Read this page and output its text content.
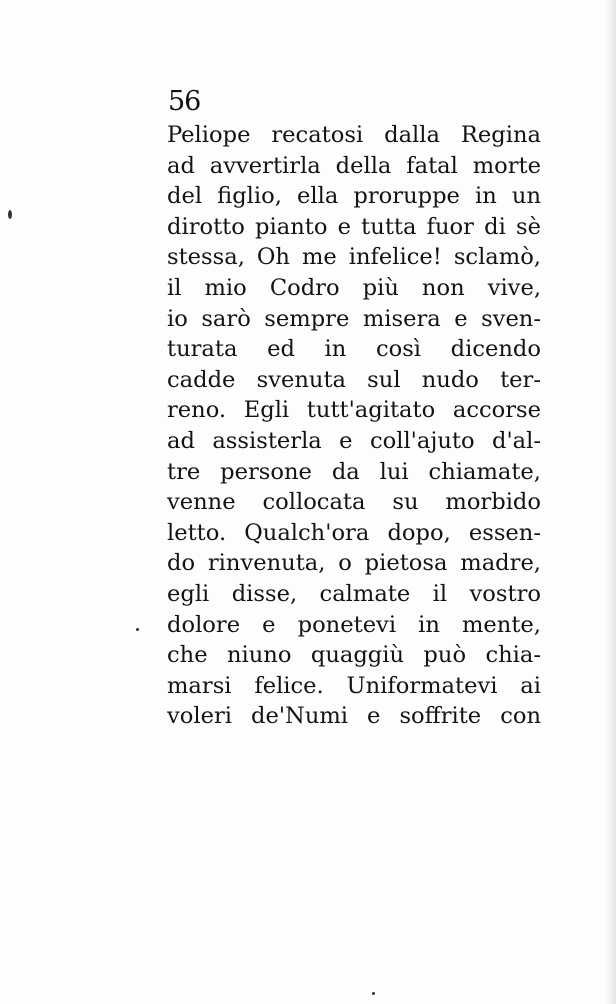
56
Peliope recatosi dalla Regina
ad avvertirla della fatal morte
del figlio, ella proruppe in un
dirotto pianto e tutta fuor di sè
stessa, Oh me infelice! sclamò,
il mio Codro più non vive,
io sarò sempre misera e sven-
turata ed in così dicendo
cadde svenuta sul nudo ter-
reno. Egli tutt'agitato accorse
ad assisterla e coll'ajuto d'al-
tre persone da lui chiamate,
venne collocata su morbido
letto. Qualch'ora dopo, essen-
do rinvenuta, o pietosa madre,
egli disse, calmate il vostro
dolore e ponetevi in mente,
che niuno quaggiù può chia-
marsi felice. Uniformatevi ai
voleri de'Numi e soffrite con
